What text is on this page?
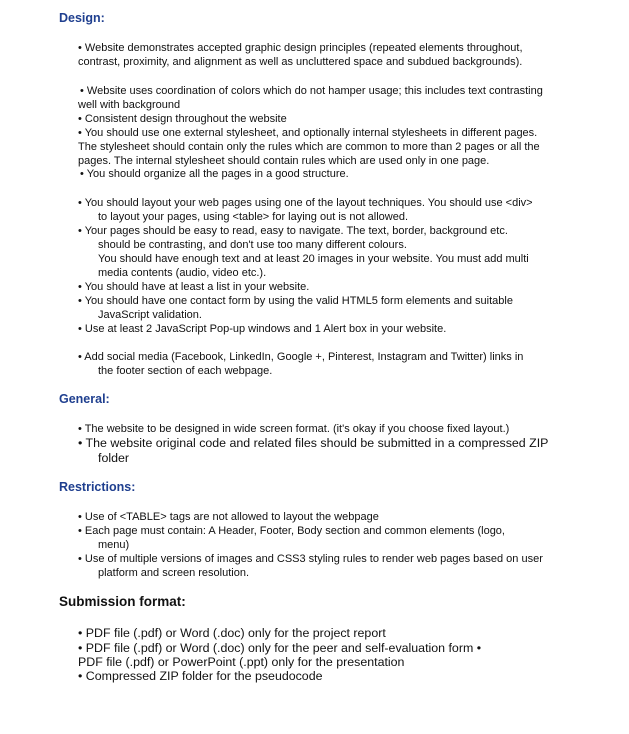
Design:
• Website demonstrates accepted graphic design principles (repeated elements throughout,
contrast, proximity, and alignment as well as uncluttered space and subdued backgrounds).
• Website uses coordination of colors which do not hamper usage; this includes text contrasting
well with background
• Consistent design throughout the website
• You should use one external stylesheet, and optionally internal stylesheets in different pages.
The stylesheet should contain only the rules which are common to more than 2 pages or all the
pages. The internal stylesheet should contain rules which are used only in one page.
• You should organize all the pages in a good structure.
• You should layout your web pages using one of the layout techniques. You should use <div>
to layout your pages, using <table> for laying out is not allowed.
• Your pages should be easy to read, easy to navigate. The text, border, background etc.
should be contrasting, and don't use too many different colours.
You should have enough text and at least 20 images in your website. You must add multi
media contents (audio, video etc.).
• You should have at least a list in your website.
• You should have one contact form by using the valid HTML5 form elements and suitable
JavaScript validation.
• Use at least 2 JavaScript Pop-up windows and 1 Alert box in your website.
• Add social media (Facebook, LinkedIn, Google +, Pinterest, Instagram and Twitter) links in
the footer section of each webpage.
General:
• The website to be designed in wide screen format. (it's okay if you choose fixed layout.)
• The website original code and related files should be submitted in a compressed ZIP
folder
Restrictions:
• Use of <TABLE> tags are not allowed to layout the webpage
• Each page must contain: A Header, Footer, Body section and common elements (logo,
menu)
• Use of multiple versions of images and CSS3 styling rules to render web pages based on user
platform and screen resolution.
Submission format:
• PDF file (.pdf) or Word (.doc) only for the project report
• PDF file (.pdf) or Word (.doc) only for the peer and self-evaluation form •
PDF file (.pdf) or PowerPoint (.ppt) only for the presentation
• Compressed ZIP folder for the pseudocode
